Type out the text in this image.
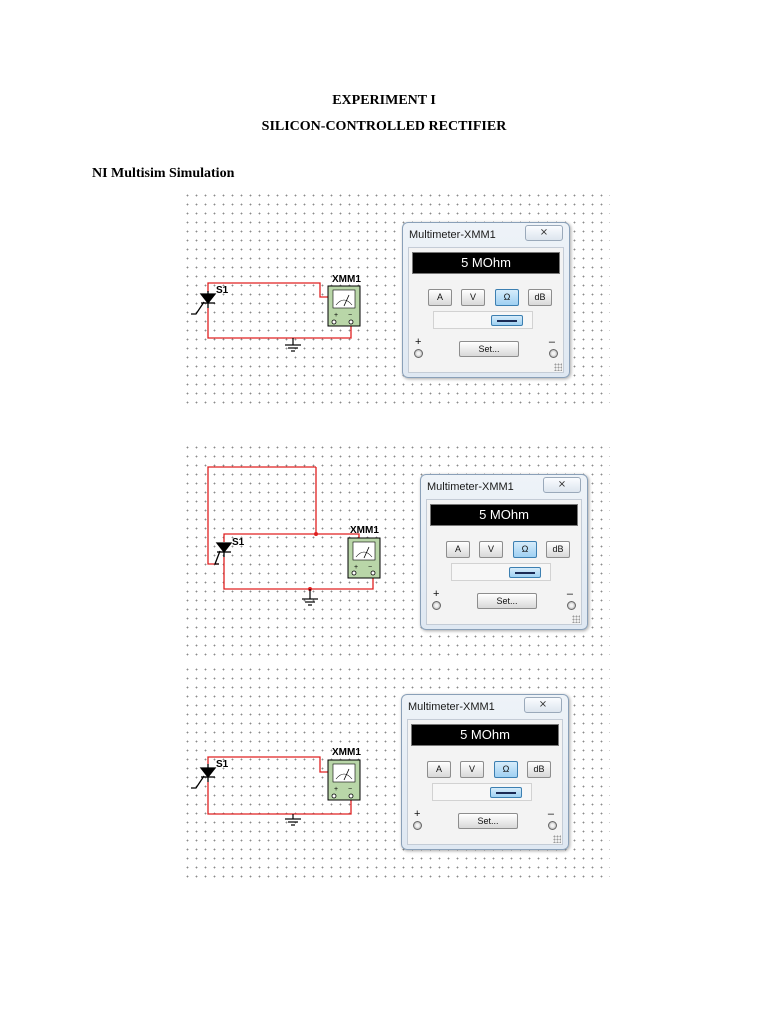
EXPERIMENT I
SILICON-CONTROLLED RECTIFIER
NI Multisim Simulation
S1
+ −
XMM1
Multimeter-XMM1	⨯
5 MOhm
A	V	Ω	dB
+	–
Set...
S1
+ −
XMM1
Multimeter-XMM1	⨯
5 MOhm
A	V	Ω	dB
+	–
Set...
S1
+ −
XMM1
Multimeter-XMM1	⨯
5 MOhm
A	V	Ω	dB
+	–
Set...
